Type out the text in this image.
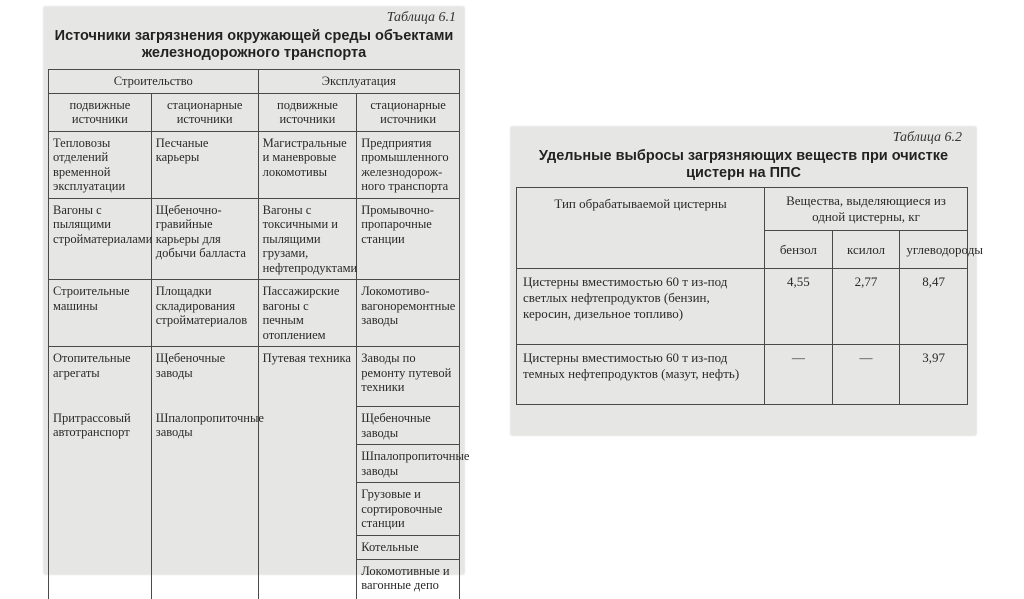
Таблица 6.1
Источники загрязнения окружающей среды объектами
железнодорожного транспорта
Строительство		Эксплуатация	
подвижные источники	стационарные источники	подвижные источники	стационарные источники
Тепловозы отделений временной эксплуатации	Песчаные карьеры	Магистральные и маневровые локомотивы	Предприятия промышленного железнодорожного транспорта
Вагоны с пылящими стройматериалами	Щебеночно-гравийные карьеры для добычи балласта	Вагоны с токсичными и пылящими грузами, нефтепродуктами	Промывочно-пропарочные станции
Строительные машины	Площадки складирования стройматериалов	Пассажирские вагоны с печным отоплением	Локомотиво-вагоноремонтные заводы
Отопительные агрегаты	Щебеночные заводы	Путевая техника	Заводы по ремонту путевой техники
Притрассовый автотранспорт	Шпалопропиточные заводы		Щебеночные заводы
			Шпалопропиточные заводы
			Грузовые и сортировочные станции
			Котельные
			Локомотивные и вагонные депо
Таблица 6.2
Удельные выбросы загрязняющих веществ при очистке
цистерн на ППС
Тип обрабатываемой цистерны	Вещества, выделяющиеся из одной цистерны, кг		
	бензол	ксилол	углеводороды
Цистерны вместимостью 60 т из-под светлых нефтепродуктов (бензин, керосин, дизельное топливо)	4,55	2,77	8,47
Цистерны вместимостью 60 т из-под темных нефтепродуктов (мазут, нефть)	—	—	3,97
